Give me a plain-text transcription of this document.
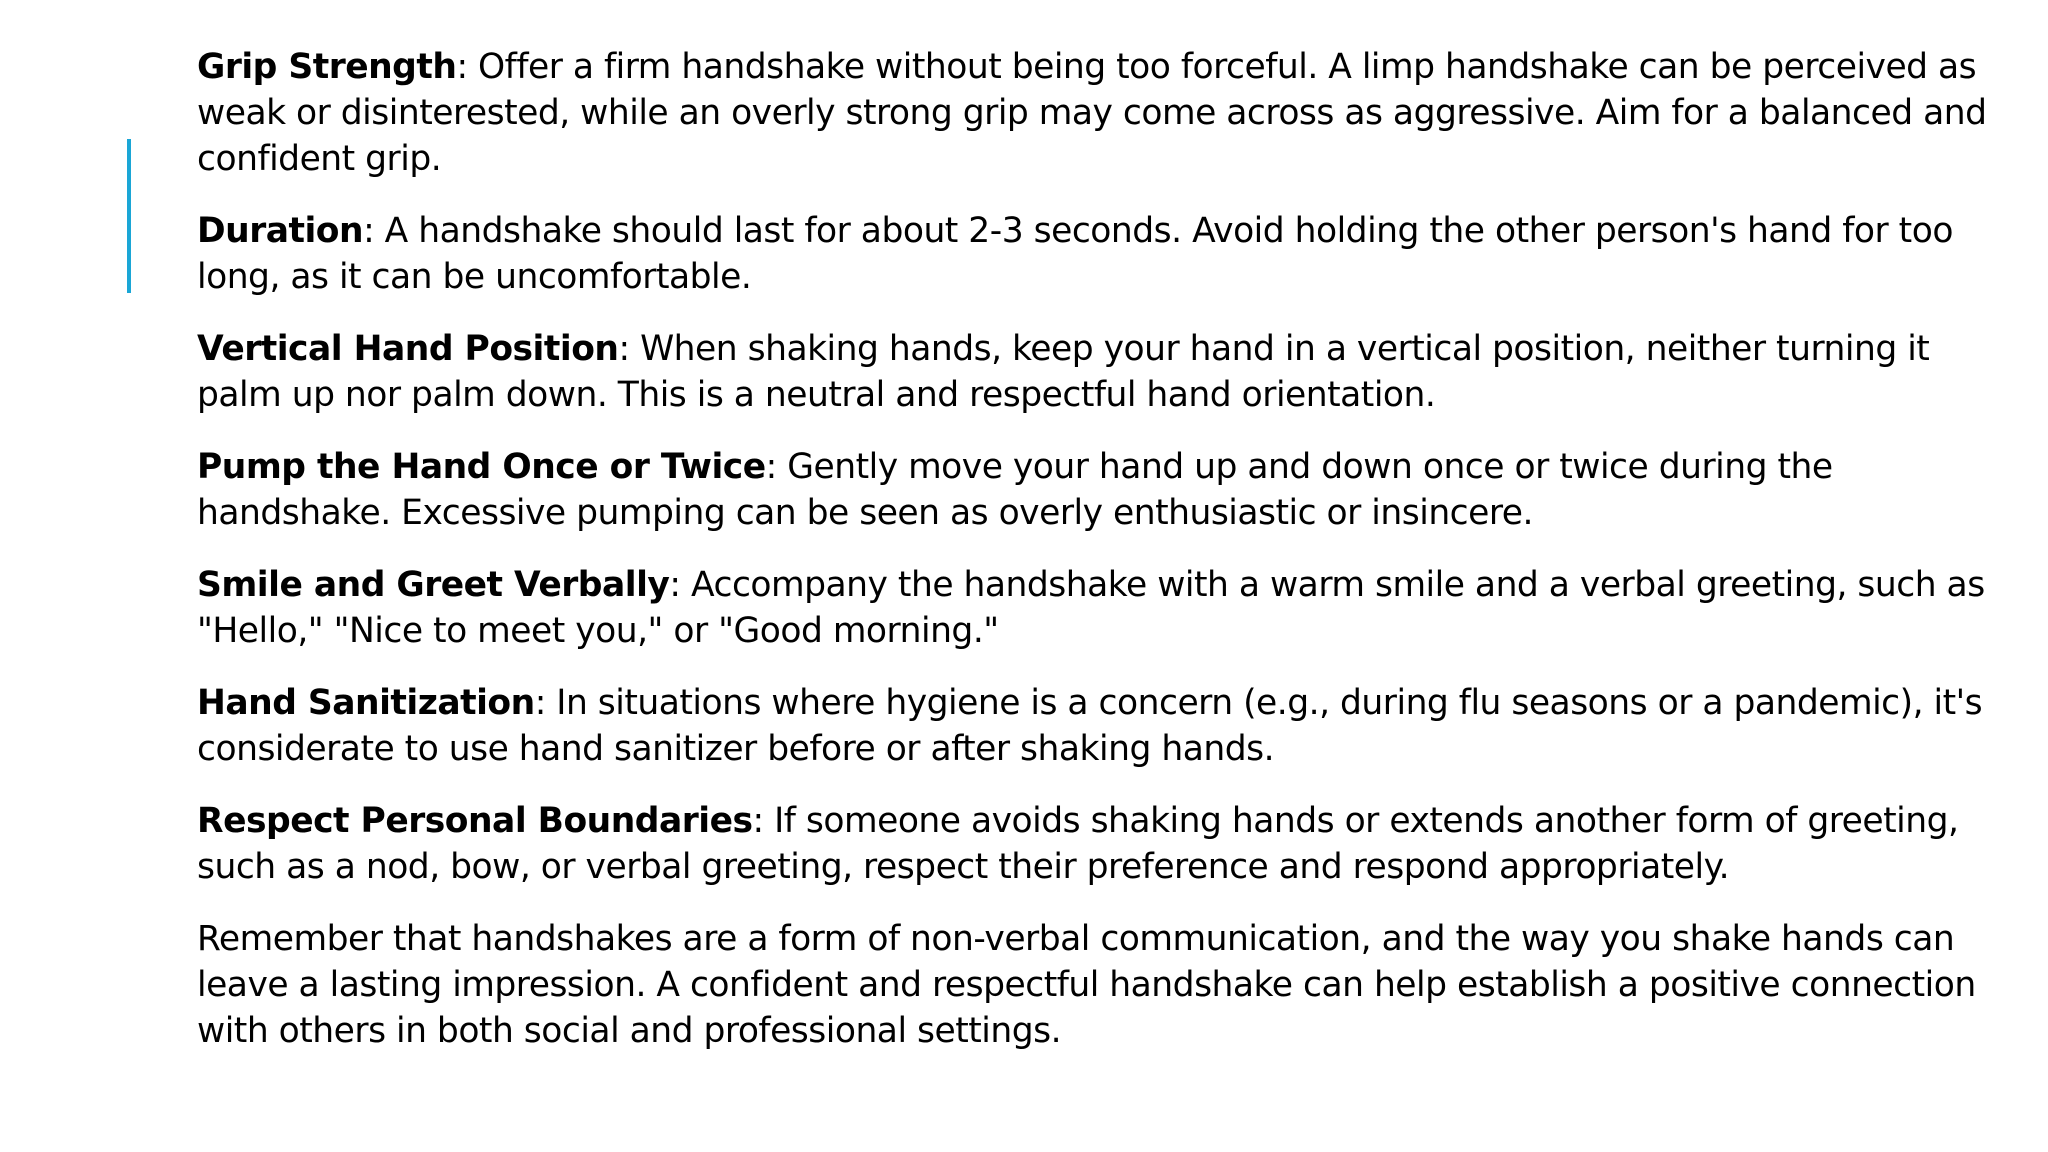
Grip Strength: Offer a firm handshake without being too forceful. A limp handshake can be perceived as weak or disinterested, while an overly strong grip may come across as aggressive. Aim for a balanced and confident grip.

Duration: A handshake should last for about 2-3 seconds. Avoid holding the other person's hand for too long, as it can be uncomfortable.

Vertical Hand Position: When shaking hands, keep your hand in a vertical position, neither turning it palm up nor palm down. This is a neutral and respectful hand orientation.

Pump the Hand Once or Twice: Gently move your hand up and down once or twice during the handshake. Excessive pumping can be seen as overly enthusiastic or insincere.

Smile and Greet Verbally: Accompany the handshake with a warm smile and a verbal greeting, such as "Hello," "Nice to meet you," or "Good morning."

Hand Sanitization: In situations where hygiene is a concern (e.g., during flu seasons or a pandemic), it's considerate to use hand sanitizer before or after shaking hands.

Respect Personal Boundaries: If someone avoids shaking hands or extends another form of greeting, such as a nod, bow, or verbal greeting, respect their preference and respond appropriately.

Remember that handshakes are a form of non-verbal communication, and the way you shake hands can leave a lasting impression. A confident and respectful handshake can help establish a positive connection with others in both social and professional settings.
